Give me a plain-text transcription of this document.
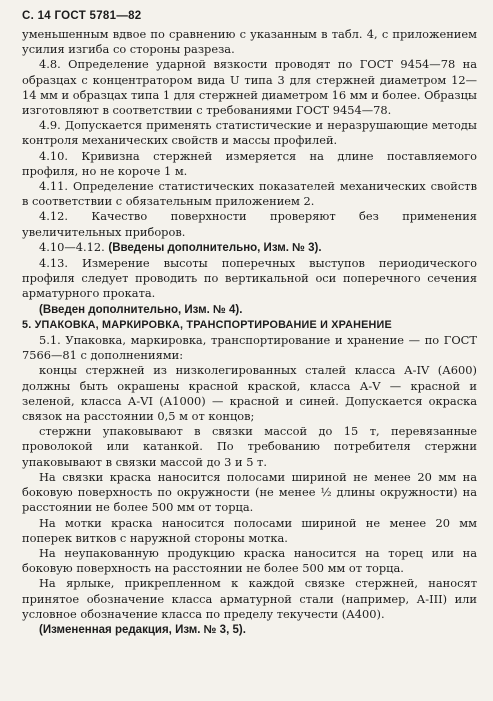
С. 14 ГОСТ 5781—82

уменьшенным вдвое по сравнению с указанным в табл. 4, с приложением усилия изгиба со стороны разреза.

4.8. Определение ударной вязкости проводят по ГОСТ 9454—78 на образцах с концентратором вида U типа 3 для стержней диаметром 12—14 мм и образцах типа 1 для стержней диаметром 16 мм и более. Образцы изготовляют в соответствии с требованиями ГОСТ 9454—78.

4.9. Допускается применять статистические и неразрушающие методы контроля механических свойств и массы профилей.

4.10. Кривизна стержней измеряется на длине поставляемого профиля, но не короче 1 м.

4.11. Определение статистических показателей механических свойств в соответствии с обязательным приложением 2.

4.12. Качество поверхности проверяют без применения увеличительных приборов.

4.10—4.12. (Введены дополнительно, Изм. № 3).

4.13. Измерение высоты поперечных выступов периодического профиля следует проводить по вертикальной оси поперечного сечения арматурного проката.

(Введен дополнительно, Изм. № 4).

5. УПАКОВКА, МАРКИРОВКА, ТРАНСПОРТИРОВАНИЕ И ХРАНЕНИЕ

5.1. Упаковка, маркировка, транспортирование и хранение — по ГОСТ 7566—81 с дополнениями:

концы стержней из низколегированных сталей класса А-IV (А600) должны быть окрашены красной краской, класса А-V — красной и зеленой, класса А-VI (А1000) — красной и синей. Допускается окраска связок на расстоянии 0,5 м от концов;

стержни упаковывают в связки массой до 15 т, перевязанные проволокой или катанкой. По требованию потребителя стержни упаковывают в связки массой до 3 и 5 т.

На связки краска наносится полосами шириной не менее 20 мм на боковую поверхность по окружности (не менее ½ длины окружности) на расстоянии не более 500 мм от торца.

На мотки краска наносится полосами шириной не менее 20 мм поперек витков с наружной стороны мотка.

На неупакованную продукцию краска наносится на торец или на боковую поверхность на расстоянии не более 500 мм от торца.

На ярлыке, прикрепленном к каждой связке стержней, наносят принятое обозначение класса арматурной стали (например, А-III) или условное обозначение класса по пределу текучести (А400).

(Измененная редакция, Изм. № 3, 5).
